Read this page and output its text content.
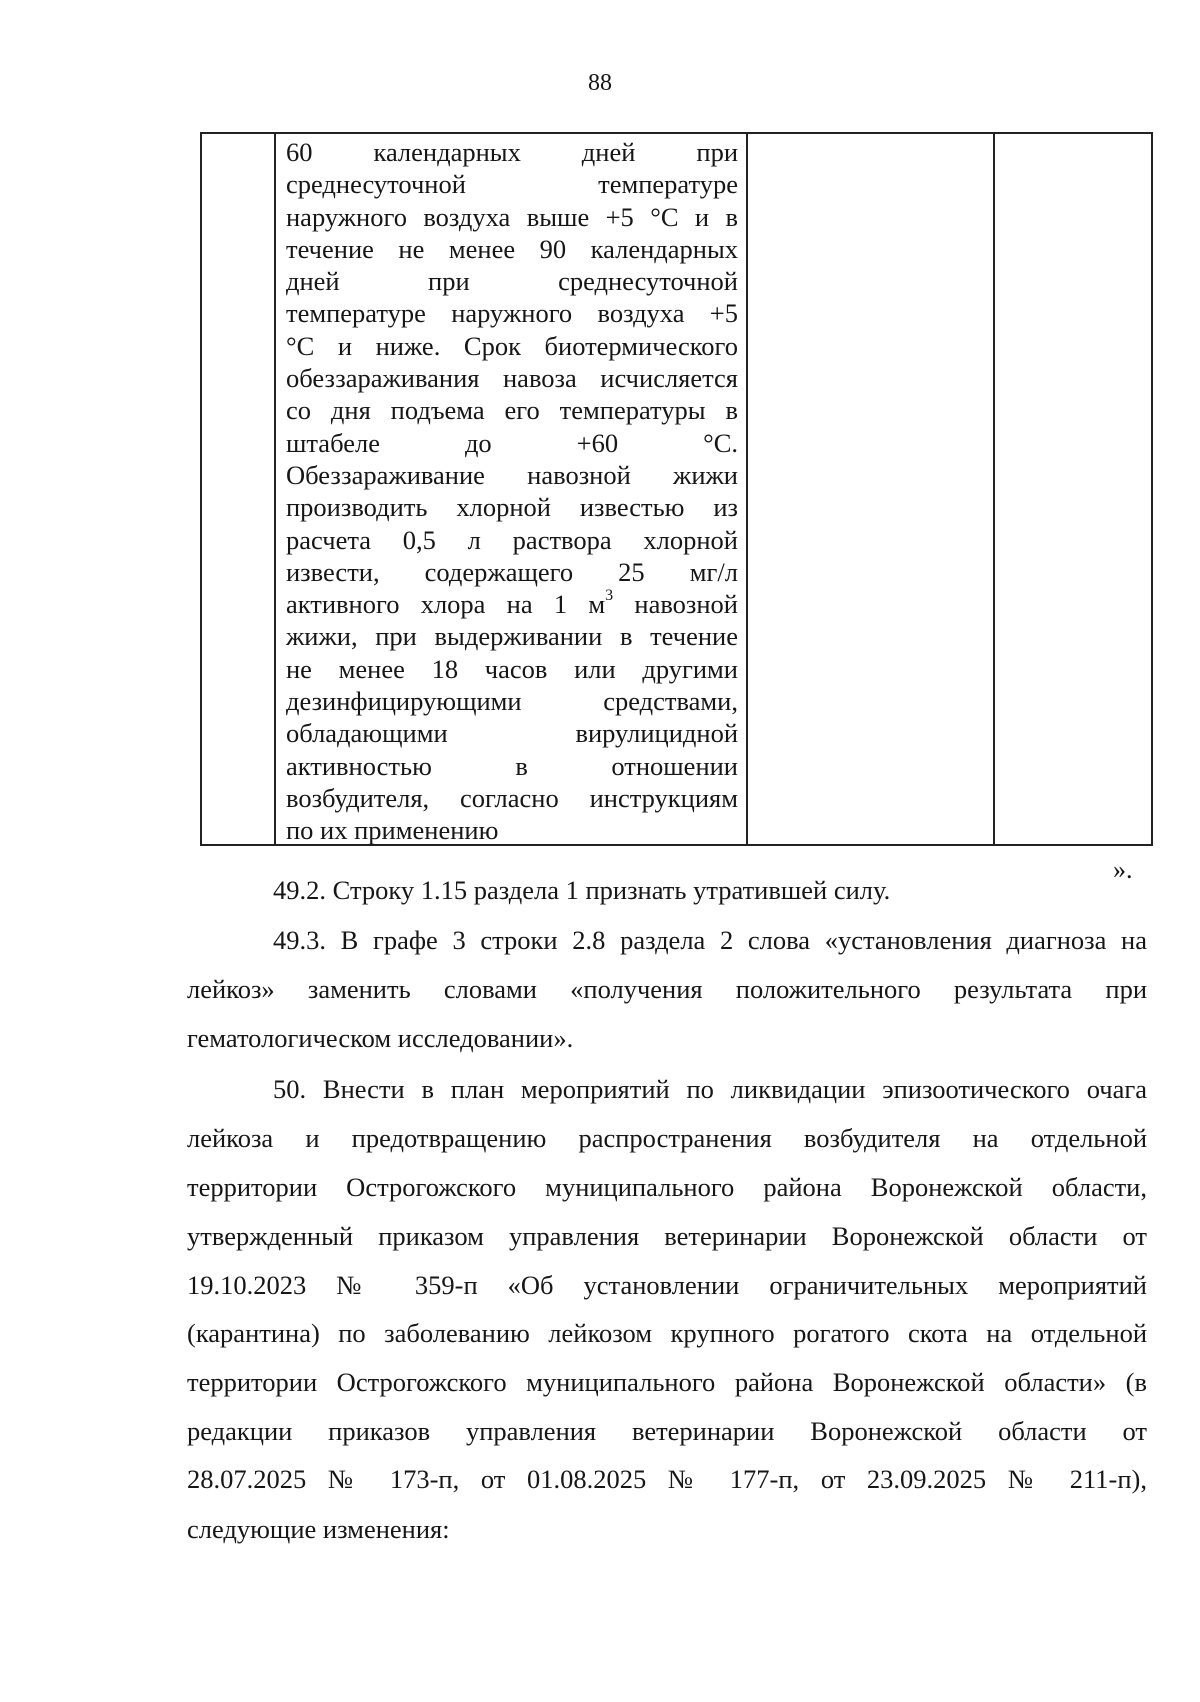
88
60 календарных дней при
среднесуточной температуре
наружного воздуха выше +5 °С и в
течение не менее 90 календарных
дней при среднесуточной
температуре наружного воздуха +5
°С и ниже. Срок биотермического
обеззараживания навоза исчисляется
со дня подъема его температуры в
штабеле до +60 °С.
Обеззараживание навозной жижи
производить хлорной известью из
расчета 0,5 л раствора хлорной
извести, содержащего 25 мг/л
активного хлора на 1 $м^3$ навозной
жижи, при выдерживании в течение
не менее 18 часов или другими
дезинфицирующими средствами,
обладающими вирулицидной
активностью в отношении
возбудителя, согласно инструкциям
по их применению
».
49.2. Строку 1.15 раздела 1 признать утратившей силу.
49.3. В графе 3 строки 2.8 раздела 2 слова «установления диагноза на
лейкоз» заменить словами «получения положительного результата при
гематологическом исследовании».
50. Внести в план мероприятий по ликвидации эпизоотического очага
лейкоза и предотвращению распространения возбудителя на отдельной
территории Острогожского муниципального района Воронежской области,
утвержденный приказом управления ветеринарии Воронежской области от
19.10.2023 № 359-п «Об установлении ограничительных мероприятий
(карантина) по заболеванию лейкозом крупного рогатого скота на отдельной
территории Острогожского муниципального района Воронежской области» (в
редакции приказов управления ветеринарии Воронежской области от
28.07.2025 № 173-п, от 01.08.2025 № 177-п, от 23.09.2025 № 211-п),
следующие изменения:
